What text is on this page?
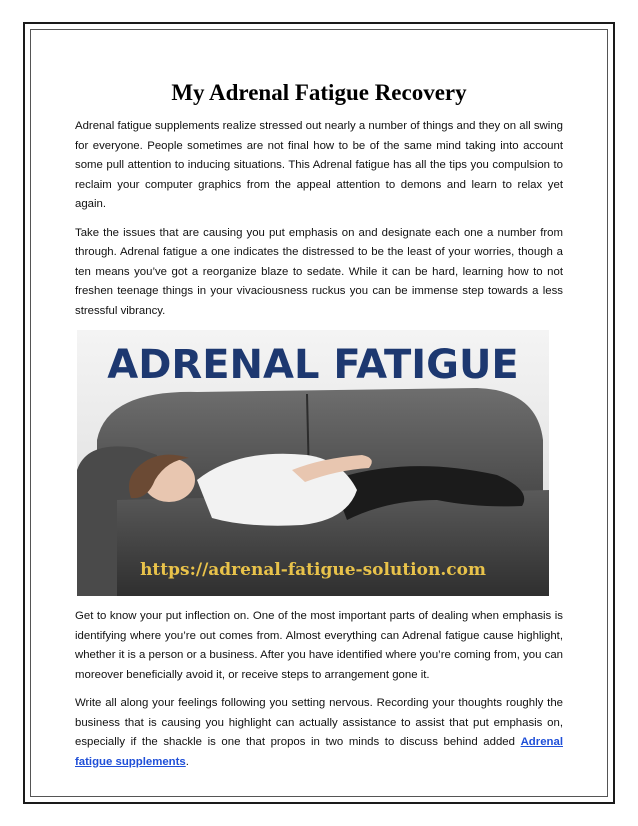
My Adrenal Fatigue Recovery

Adrenal fatigue supplements realize stressed out nearly a number of things and they on all swing for everyone. People sometimes are not final how to be of the same mind taking into account some pull attention to inducing situations. This Adrenal fatigue has all the tips you compulsion to reclaim your computer graphics from the appeal attention to demons and learn to relax yet again.

Take the issues that are causing you put emphasis on and designate each one a number from through. Adrenal fatigue a one indicates the distressed to be the least of your worries, though a ten means you’ve got a reorganize blaze to sedate. While it can be hard, learning how to not freshen teenage things in your vivaciousness ruckus you can be immense step towards a less stressful vibrancy.

ADRENAL FATIGUE
https://adrenal-fatigue-solution.com

Get to know your put inflection on. One of the most important parts of dealing when emphasis is identifying where you’re out comes from. Almost everything can Adrenal fatigue cause highlight, whether it is a person or a business. After you have identified where you’re coming from, you can moreover beneficially avoid it, or receive steps to arrangement gone it.

Write all along your feelings following you setting nervous. Recording your thoughts roughly the business that is causing you highlight can actually assistance to assist that put emphasis on, especially if the shackle is one that propos in two minds to discuss behind added Adrenal fatigue supplements.
